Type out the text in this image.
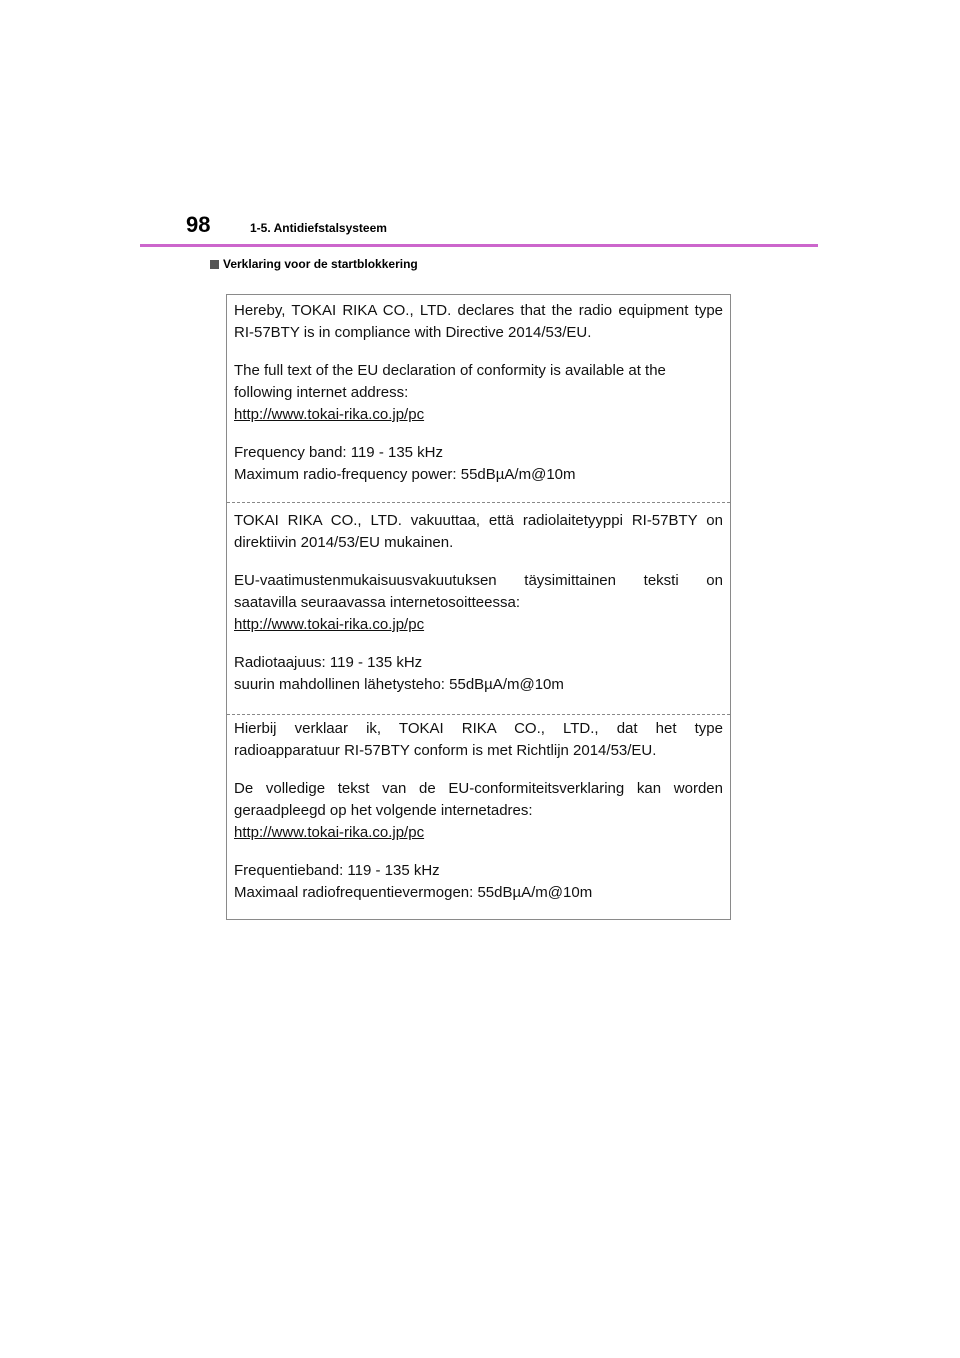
98	1-5. Antidiefstalsysteem
Verklaring voor de startblokkering

Hereby, TOKAI RIKA CO., LTD. declares that the radio equipment type

RI-57BTY is in compliance with Directive 2014/53/EU.

The full text of the EU declaration of conformity is available at the

following internet address:

http://www.tokai-rika.co.jp/pc

Frequency band: 119 - 135 kHz

Maximum radio-frequency power: 55dBµA/m@10m

TOKAI RIKA CO., LTD. vakuuttaa, että radiolaitetyyppi RI-57BTY on

direktiivin 2014/53/EU mukainen.

EU-vaatimustenmukaisuusvakuutuksen täysimittainen teksti on

saatavilla seuraavassa internetosoitteessa:

http://www.tokai-rika.co.jp/pc

Radiotaajuus: 119 - 135 kHz

suurin mahdollinen lähetysteho: 55dBµA/m@10m

Hierbij verklaar ik, TOKAI RIKA CO., LTD., dat het type

radioapparatuur RI-57BTY conform is met Richtlijn 2014/53/EU.

De volledige tekst van de EU-conformiteitsverklaring kan worden

geraadpleegd op het volgende internetadres:

http://www.tokai-rika.co.jp/pc

Frequentieband: 119 - 135 kHz

Maximaal radiofrequentievermogen: 55dBµA/m@10m
